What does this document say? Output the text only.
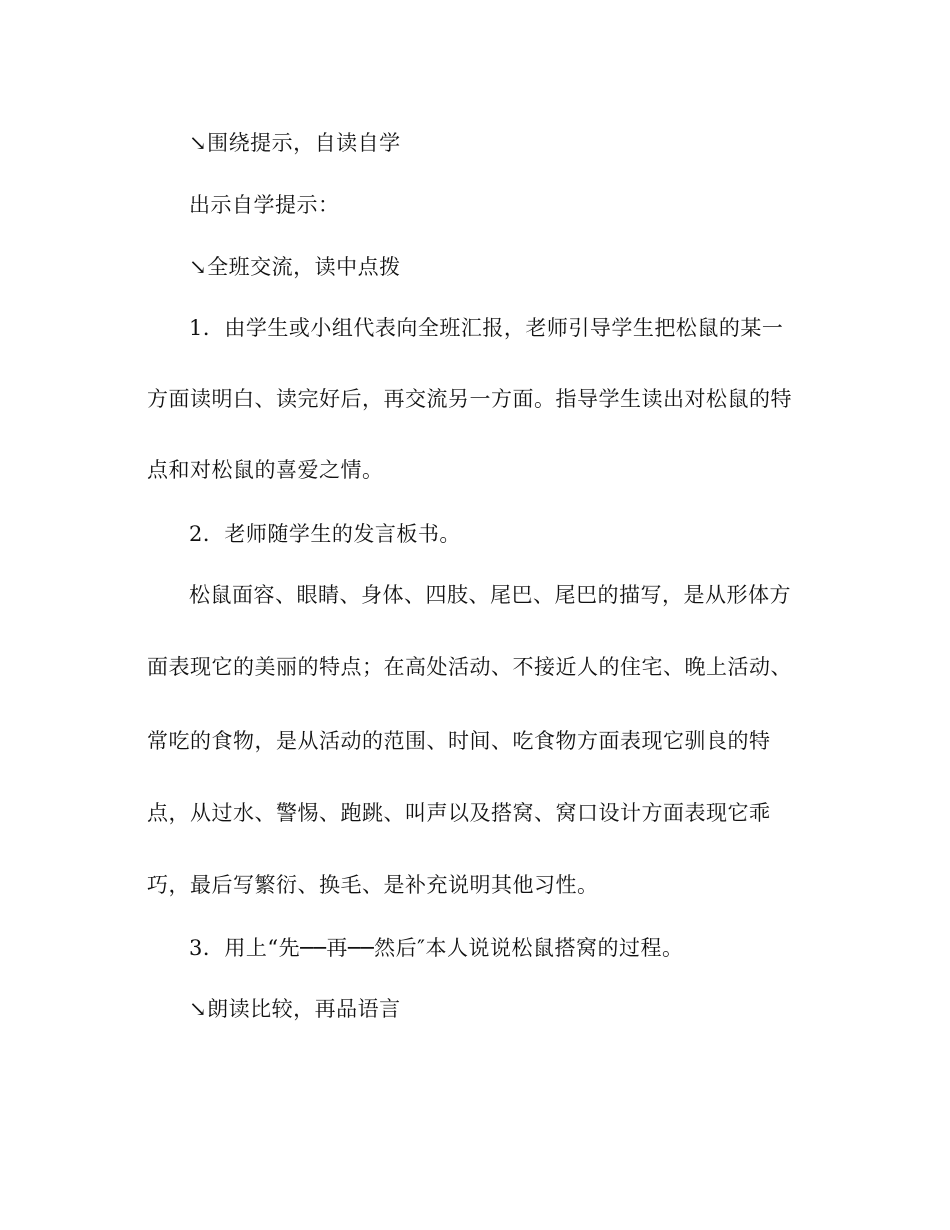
↘围绕提示，自读自学
出示自学提示：
↘全班交流，读中点拨
1．由学生或小组代表向全班汇报，老师引导学生把松鼠的某一
方面读明白、读完好后，再交流另一方面。指导学生读出对松鼠的特
点和对松鼠的喜爱之情。
2．老师随学生的发言板书。
松鼠面容、眼睛、身体、四肢、尾巴、尾巴的描写，是从形体方
面表现它的美丽的特点；在高处活动、不接近人的住宅、晚上活动、
常吃的食物，是从活动的范围、时间、吃食物方面表现它驯良的特
点，从过水、警惕、跑跳、叫声以及搭窝、窝口设计方面表现它乖
巧，最后写繁衍、换毛、是补充说明其他习性。
3．用上“先──再──然后″本人说说松鼠搭窝的过程。
↘朗读比较，再品语言
